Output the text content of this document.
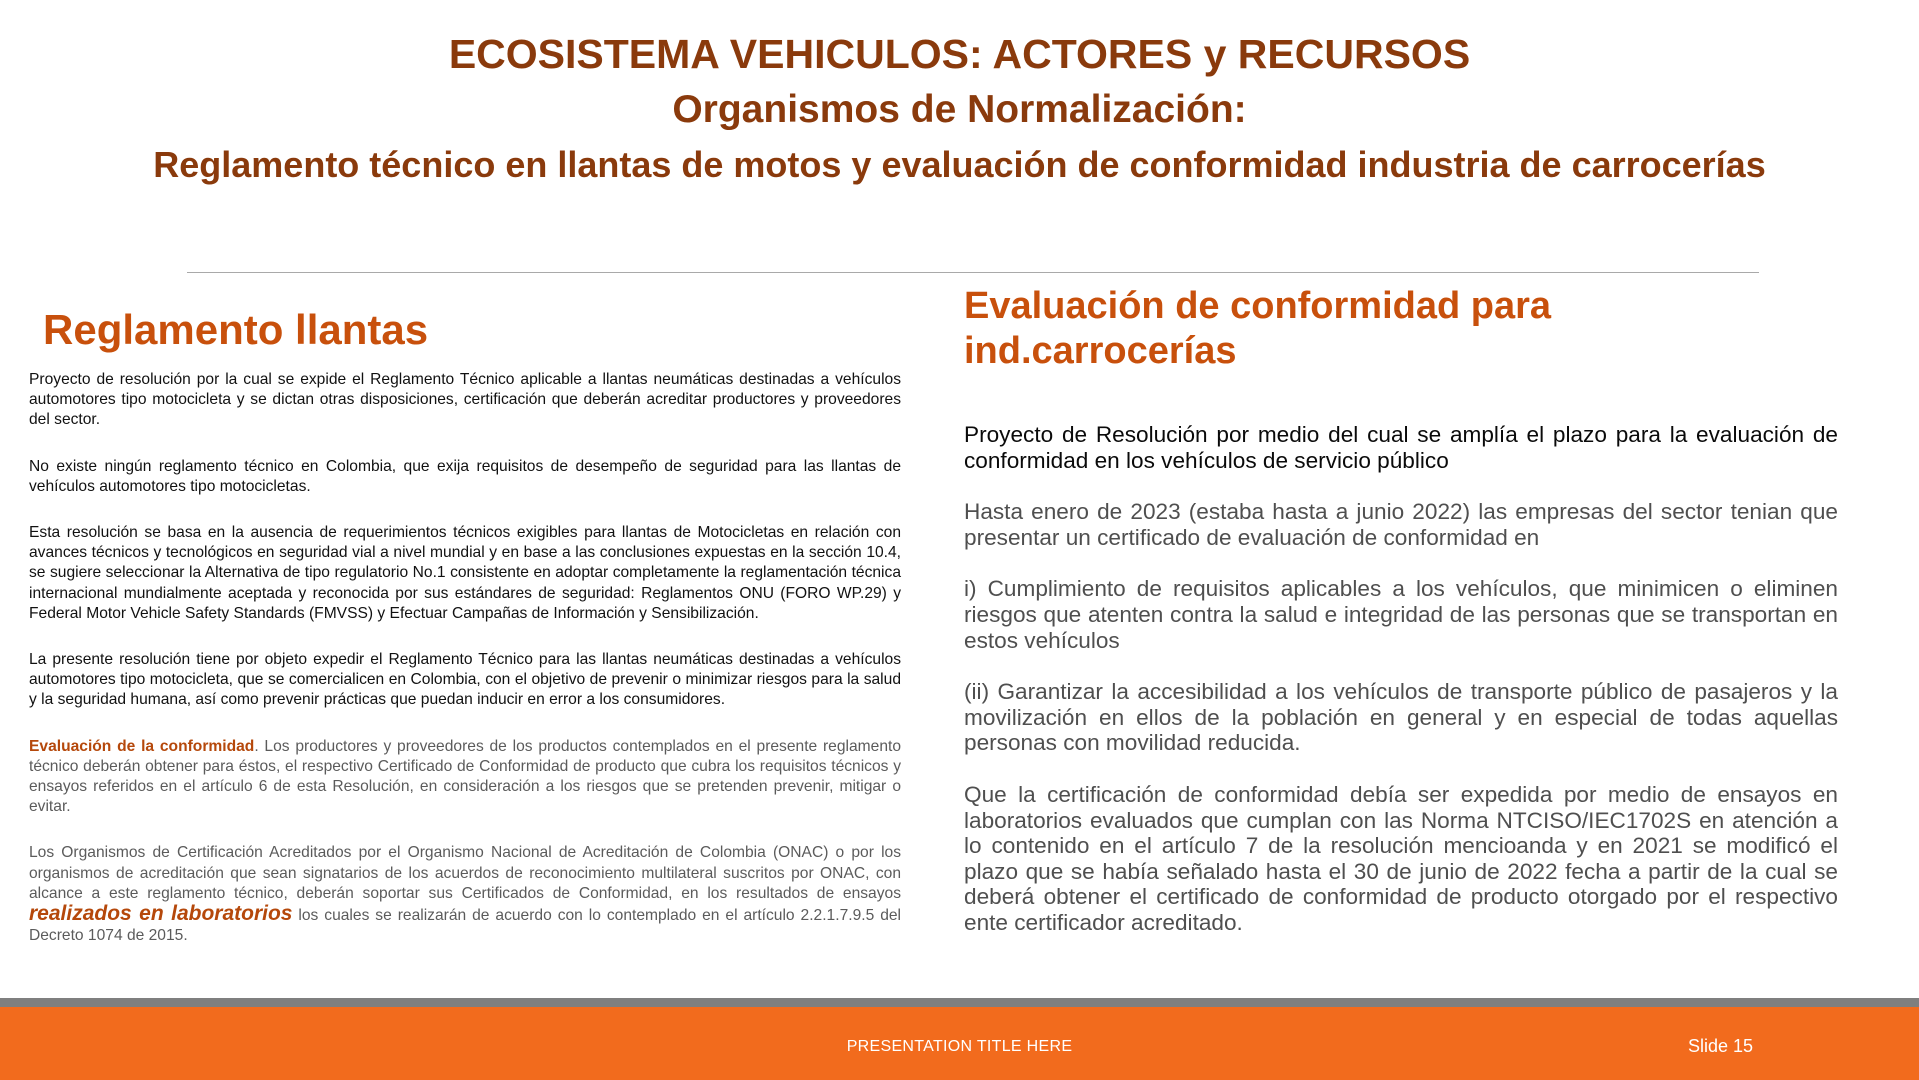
ECOSISTEMA VEHICULOS: ACTORES y RECURSOS
Organismos de Normalización:
Reglamento técnico en llantas de motos y evaluación de conformidad industria de carrocerías
Reglamento llantas

Proyecto de resolución por la cual se expide el Reglamento Técnico aplicable a llantas neumáticas destinadas a vehículos automotores tipo motocicleta y se dictan otras disposiciones, certificación que deberán acreditar productores y proveedores del sector.

No existe ningún reglamento técnico en Colombia, que exija requisitos de desempeño de seguridad para las llantas de vehículos automotores tipo motocicletas.

Esta resolución se basa en la ausencia de requerimientos técnicos exigibles para llantas de Motocicletas en relación con avances técnicos y tecnológicos en seguridad vial a nivel mundial y en base a las conclusiones expuestas en la sección 10.4, se sugiere seleccionar la Alternativa de tipo regulatorio No.1 consistente en adoptar completamente la reglamentación técnica internacional mundialmente aceptada y reconocida por sus estándares de seguridad: Reglamentos ONU (FORO WP.29) y Federal Motor Vehicle Safety Standards (FMVSS) y Efectuar Campañas de Información y Sensibilización.

La presente resolución tiene por objeto expedir el Reglamento Técnico para las llantas neumáticas destinadas a vehículos automotores tipo motocicleta, que se comercialicen en Colombia, con el objetivo de prevenir o minimizar riesgos para la salud y la seguridad humana, así como prevenir prácticas que puedan inducir en error a los consumidores.

Evaluación de la conformidad. Los productores y proveedores de los productos contemplados en el presente reglamento técnico deberán obtener para éstos, el respectivo Certificado de Conformidad de producto que cubra los requisitos técnicos y ensayos referidos en el artículo 6 de esta Resolución, en consideración a los riesgos que se pretenden prevenir, mitigar o evitar.

Los Organismos de Certificación Acreditados por el Organismo Nacional de Acreditación de Colombia (ONAC) o por los organismos de acreditación que sean signatarios de los acuerdos de reconocimiento multilateral suscritos por ONAC, con alcance a este reglamento técnico, deberán soportar sus Certificados de Conformidad, en los resultados de ensayos realizados en laboratorios los cuales se realizarán de acuerdo con lo contemplado en el artículo 2.2.1.7.9.5 del Decreto 1074 de 2015.

Evaluación de conformidad para ind.carrocerías

Proyecto de Resolución por medio del cual se amplía el plazo para la evaluación de conformidad en los vehículos de servicio público

Hasta enero de 2023 (estaba hasta a junio 2022) las empresas del sector tenian que presentar un certificado de evaluación de conformidad en

i) Cumplimiento de requisitos aplicables a los vehículos, que minimicen o eliminen riesgos que atenten contra la salud e integridad de las personas que se transportan en estos vehículos

(ii) Garantizar la accesibilidad a los vehículos de transporte público de pasajeros y la movilización en ellos de la población en general y en especial de todas aquellas personas con movilidad reducida.

Que la certificación de conformidad debía ser expedida por medio de ensayos en laboratorios evaluados que cumplan con las Norma NTCISO/IEC1702S en atención a lo contenido en el artículo 7 de la resolución mencioanda y en 2021 se modificó el plazo que se había señalado hasta el 30 de junio de 2022 fecha a partir de la cual se deberá obtener el certificado de conformidad de producto otorgado por el respectivo ente certificador acreditado.

PRESENTATION TITLE HERE	Slide 15
